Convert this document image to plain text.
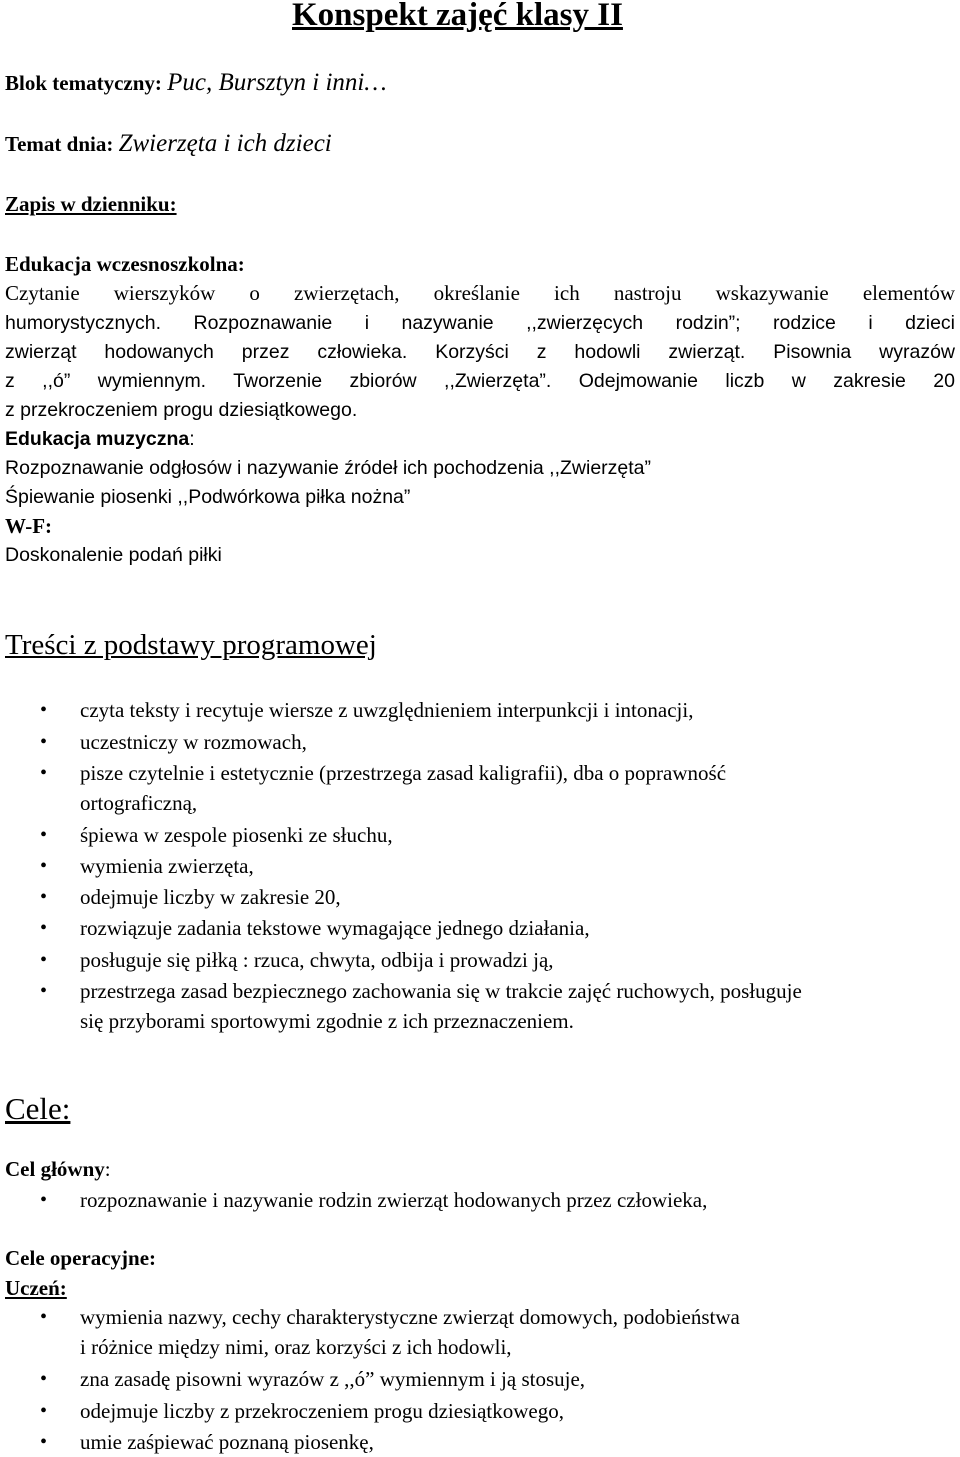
Konspekt zajęć klasy II
Blok tematyczny: Puc, Bursztyn i inni…
Temat dnia: Zwierzęta i ich dzieci
Zapis w dzienniku:
Edukacja wczesnoszkolna:
Czytanie wierszyków o zwierzętach, określanie ich nastroju wskazywanie elementów
humorystycznych. Rozpoznawanie i nazywanie ,,zwierzęcych rodzin”; rodzice i dzieci
zwierząt hodowanych przez człowieka. Korzyści z hodowli zwierząt. Pisownia wyrazów
z ,,ó” wymiennym. Tworzenie zbiorów ,,Zwierzęta”. Odejmowanie liczb w zakresie 20
z przekroczeniem progu dziesiątkowego.
Edukacja muzyczna:
Rozpoznawanie odgłosów i nazywanie źródeł ich pochodzenia ,,Zwierzęta”
Śpiewanie piosenki ,,Podwórkowa piłka nożna”
W-F:
Doskonalenie podań piłki
Treści z podstawy programowej
• czyta teksty i recytuje wiersze z uwzględnieniem interpunkcji i intonacji,
• uczestniczy w rozmowach,
• pisze czytelnie i estetycznie (przestrzega zasad kaligrafii), dba o poprawność
ortograficzną,
• śpiewa w zespole piosenki ze słuchu,
• wymienia zwierzęta,
• odejmuje liczby w zakresie 20,
• rozwiązuje zadania tekstowe wymagające jednego działania,
• posługuje się piłką : rzuca, chwyta, odbija i prowadzi ją,
• przestrzega zasad bezpiecznego zachowania się w trakcie zajęć ruchowych, posługuje
się przyborami sportowymi zgodnie z ich przeznaczeniem.
Cele:
Cel główny:
• rozpoznawanie i nazywanie rodzin zwierząt hodowanych przez człowieka,
Cele operacyjne:
Uczeń:
• wymienia nazwy, cechy charakterystyczne zwierząt domowych, podobieństwa
i różnice między nimi, oraz korzyści z ich hodowli,
• zna zasadę pisowni wyrazów z ,,ó” wymiennym i ją stosuje,
• odejmuje liczby z przekroczeniem progu dziesiątkowego,
• umie zaśpiewać poznaną piosenkę,
